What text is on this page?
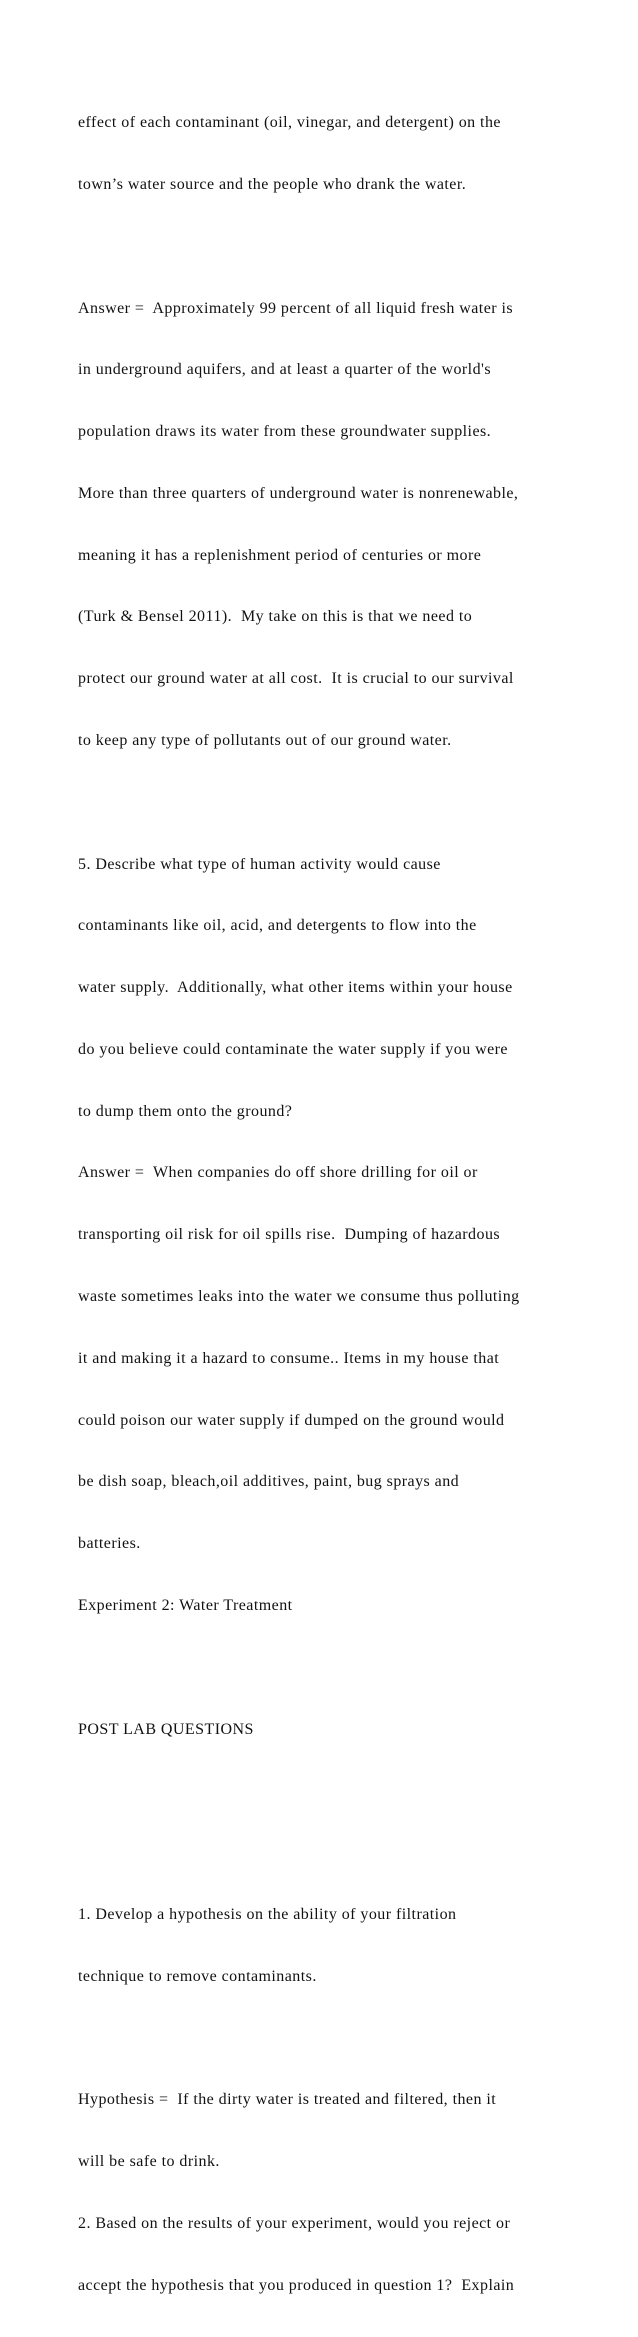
effect of each contaminant (oil, vinegar, and detergent) on the

town’s water source and the people who drank the water.

Answer =  Approximately 99 percent of all liquid fresh water is

in underground aquifers, and at least a quarter of the world's

population draws its water from these groundwater supplies.

More than three quarters of underground water is nonrenewable,

meaning it has a replenishment period of centuries or more

(Turk & Bensel 2011).  My take on this is that we need to

protect our ground water at all cost.  It is crucial to our survival

to keep any type of pollutants out of our ground water.

5. Describe what type of human activity would cause

contaminants like oil, acid, and detergents to flow into the

water supply.  Additionally, what other items within your house

do you believe could contaminate the water supply if you were

to dump them onto the ground?

Answer =  When companies do off shore drilling for oil or

transporting oil risk for oil spills rise.  Dumping of hazardous

waste sometimes leaks into the water we consume thus polluting

it and making it a hazard to consume.. Items in my house that

could poison our water supply if dumped on the ground would

be dish soap, bleach,oil additives, paint, bug sprays and

batteries.

Experiment 2: Water Treatment

POST LAB QUESTIONS

1. Develop a hypothesis on the ability of your filtration

technique to remove contaminants.

Hypothesis =  If the dirty water is treated and filtered, then it

will be safe to drink.

2. Based on the results of your experiment, would you reject or

accept the hypothesis that you produced in question 1?  Explain
